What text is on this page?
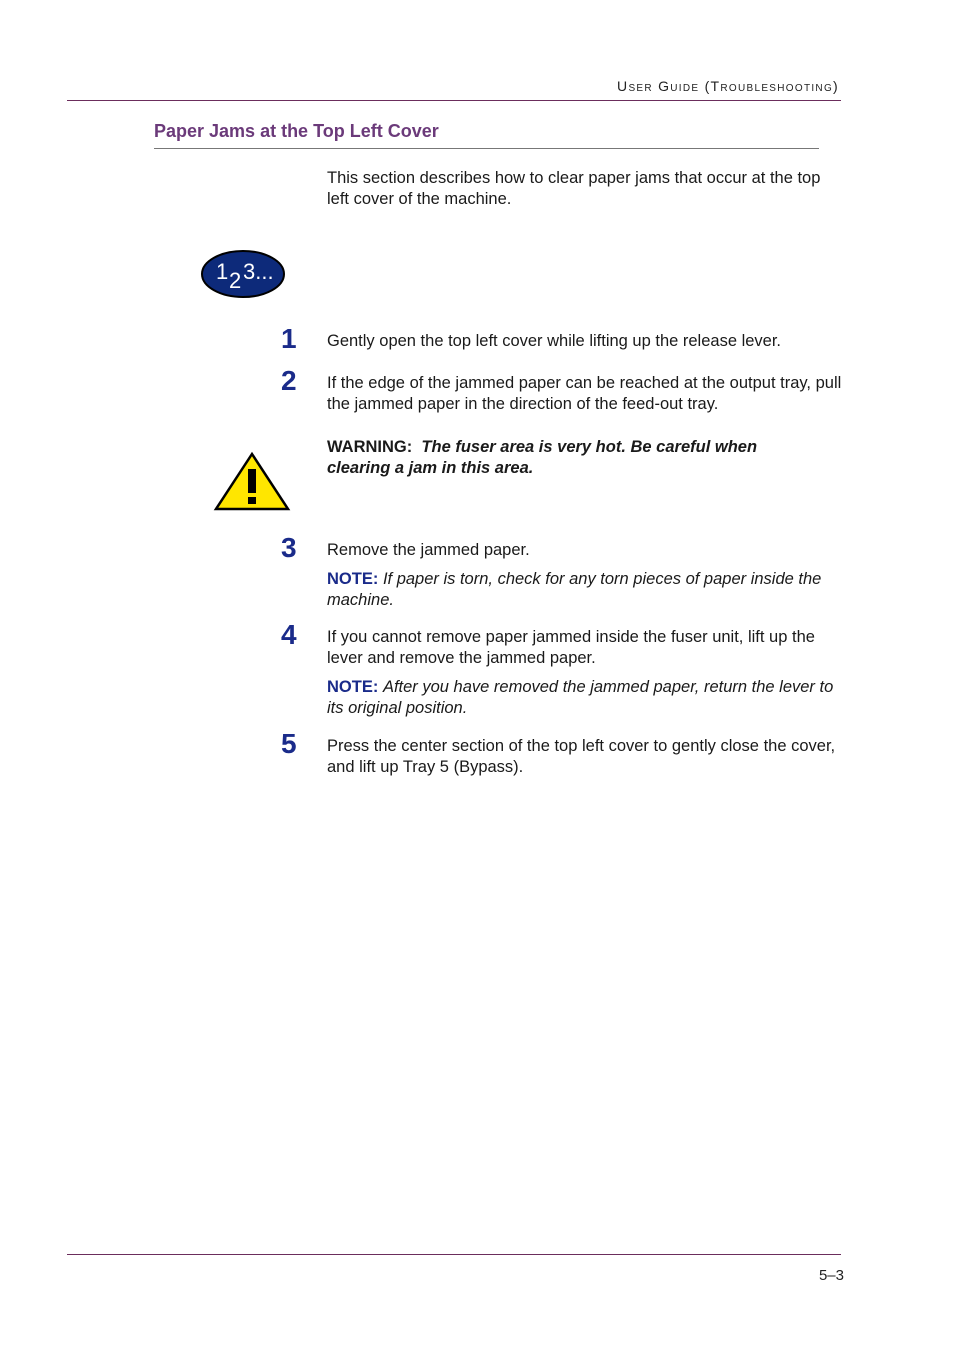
User Guide (Troubleshooting)
Paper Jams at the Top Left Cover
This section describes how to clear paper jams that occur at the top left cover of the machine.
1 2 3...
1 Gently open the top left cover while lifting up the release lever.
2 If the edge of the jammed paper can be reached at the output tray, pull the jammed paper in the direction of the feed-out tray.
WARNING: The fuser area is very hot. Be careful when clearing a jam in this area.
3 Remove the jammed paper.
NOTE: If paper is torn, check for any torn pieces of paper inside the machine.
4 If you cannot remove paper jammed inside the fuser unit, lift up the lever and remove the jammed paper.
NOTE: After you have removed the jammed paper, return the lever to its original position.
5 Press the center section of the top left cover to gently close the cover, and lift up Tray 5 (Bypass).
5–3
